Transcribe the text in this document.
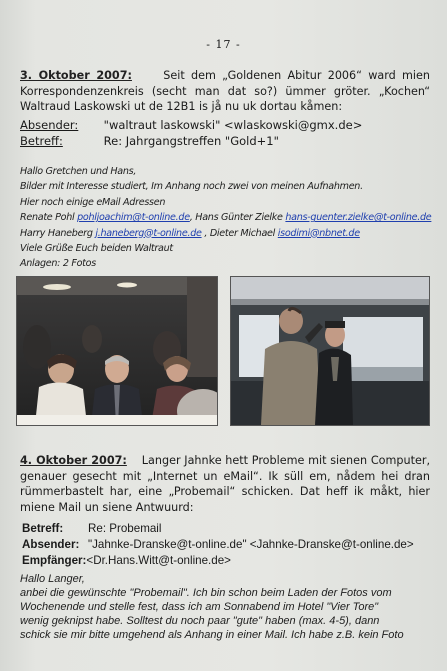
- 17 -
3. Oktober 2007:	Seit dem „Goldenen Abitur 2006“ ward mien Korrespondenzenkreis (secht man dat so?) ümmer gröter. „Kochen“ Waltraud Laskowski ut de 12B1 is jå nu uk dortau kåmen:
Absender: "waltraut laskowski" <wlaskowski@gmx.de>
Betreff:	Re: Jahrgangstreffen "Gold+1"
Hallo Gretchen und Hans,
Bilder mit Interesse studiert, Im Anhang noch zwei von meinen Aufnahmen.
Hier noch einige eMail Adressen
Renate Pohl pohljoachim@t-online.de, Hans Günter Zielke hans-guenter.zielke@t-online.de
Harry Haneberg j.haneberg@t-online.de , Dieter Michael isodimi@nbnet.de
Viele Grüße Euch beiden Waltraut
Anlagen: 2 Fotos
4. Oktober 2007: Langer Jahnke hett Probleme mit sienen Computer, genauer gesecht mit „Internet un eMail“. Ik süll em, nådem hei dran rümmerbastelt har, eine „Probemail“ schicken. Dat heff ik måkt, hier miene Mail un siene Antwuurd:
Betreff: Re: Probemail
Absender: "Jahnke-Dranske@t-online.de" <Jahnke-Dranske@t-online.de>
Empfänger:<Dr.Hans.Witt@t-online.de>
Hallo Langer,
anbei die gewünschte "Probemail". Ich bin schon beim Laden der Fotos vom
Wochenende und stelle fest, dass ich am Sonnabend im Hotel "Vier Tore"
wenig geknipst habe. Solltest du noch paar "gute" haben (max. 4-5), dann
schick sie mir bitte umgehend als Anhang in einer Mail. Ich habe z.B. kein Foto
